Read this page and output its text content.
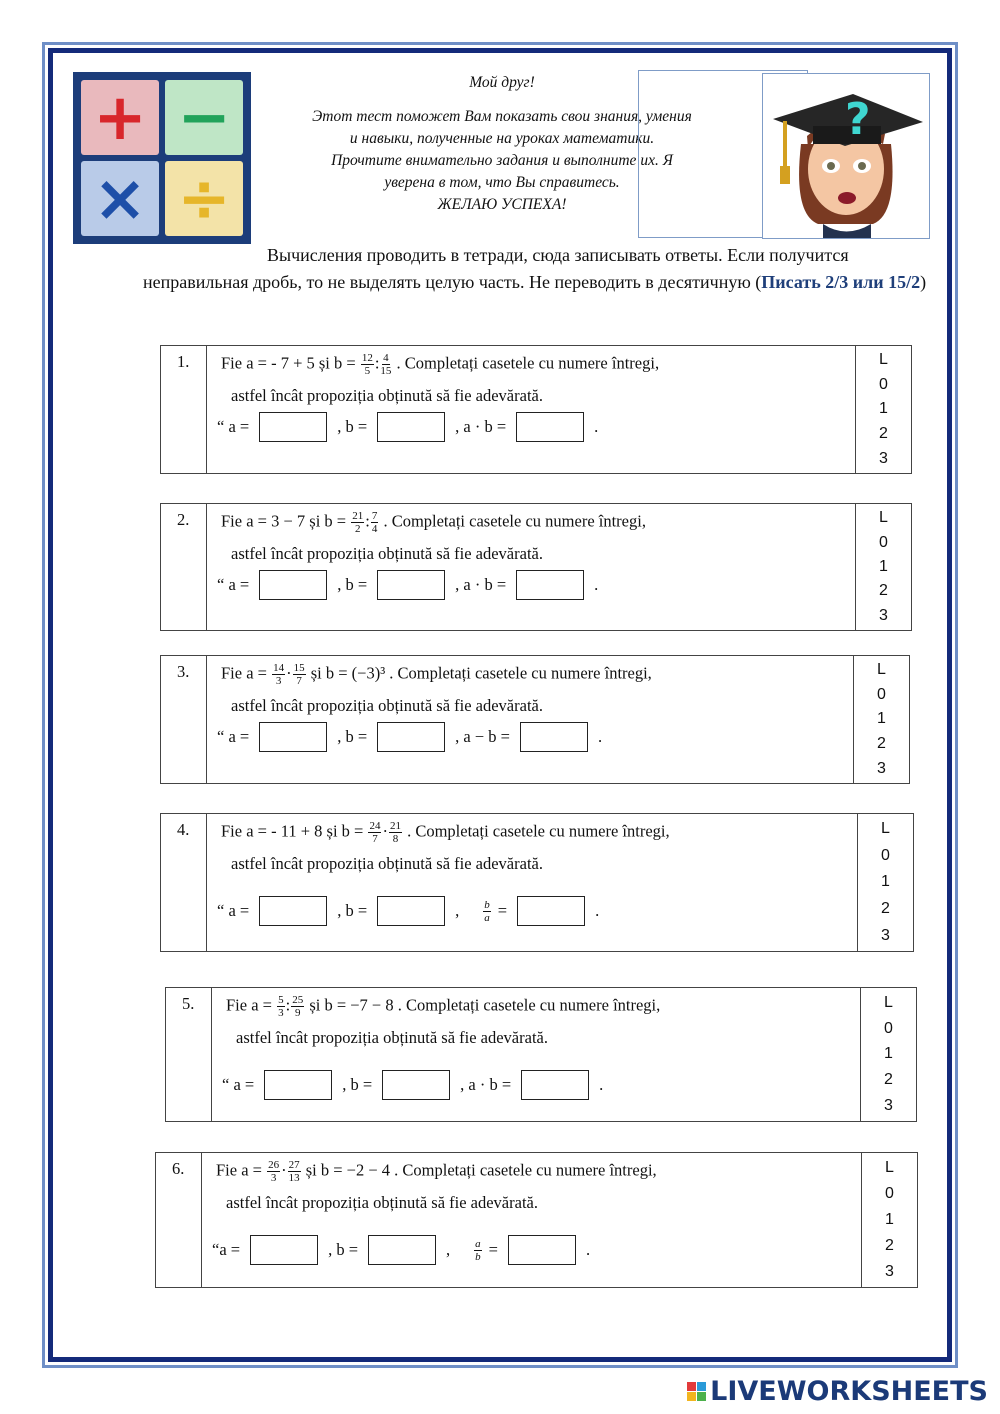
+ −
× ÷

Мой друг!

Этот тест поможет Вам показать свои знания, умения

и навыки, полученные на уроках математики.

Прочтите внимательно задания и выполните их. Я

уверена в том, что Вы справитесь.

ЖЕЛАЮ УСПЕХА!

?
Вычисления проводить в тетради, сюда записывать ответы. Если получится неправильная дробь, то не выделять целую часть. Не переводить в десятичную (Писать 2/3 или 15/2)
1.	L
0
1
2
3
Fie a = - 7 + 5 și $b = \frac{12}{5}$ : $\frac{4}{15}$ . Completați casetele cu numere întregi,
astfel încât propoziția obținută să fie adevărată.
“ a =	, b =	, a · b =	.
2.	L
0
1
2
3
Fie a = 3 − 7 și $b = \frac{21}{2}$ : $\frac{7}{4}$ . Completați casetele cu numere întregi,
astfel încât propoziția obținută să fie adevărată.
“ a =	, b =	, a · b =	.
3.	L
0
1
2
3
Fie $a = \frac{14}{3} \cdot \frac{15}{7}$ și b = (−3)³ . Completați casetele cu numere întregi,
astfel încât propoziția obținută să fie adevărată.
“ a =	, b =	, a − b =	.
4.	L
0
1
2
3
Fie a = - 11 + 8 și $b = \frac{24}{7} \cdot \frac{21}{8}$ . Completați casetele cu numere întregi,
astfel încât propoziția obținută să fie adevărată.
“ a =	, b =	, $\frac{b}{a}$ =	.
5.	L
0
1
2
3
Fie $a = \frac{5}{3}$ : $\frac{25}{9}$ și b = −7 − 8 . Completați casetele cu numere întregi,
astfel încât propoziția obținută să fie adevărată.
“ a =	, b =	, a · b =	.
6.	L
0
1
2
3
Fie $a = \frac{26}{3} \cdot \frac{27}{13}$ și b = −2 − 4 . Completați casetele cu numere întregi,
astfel încât propoziția obținută să fie adevărată.
“a =	, b =	, $\frac{a}{b}$ =	.
LIVEWORKSHEETS
